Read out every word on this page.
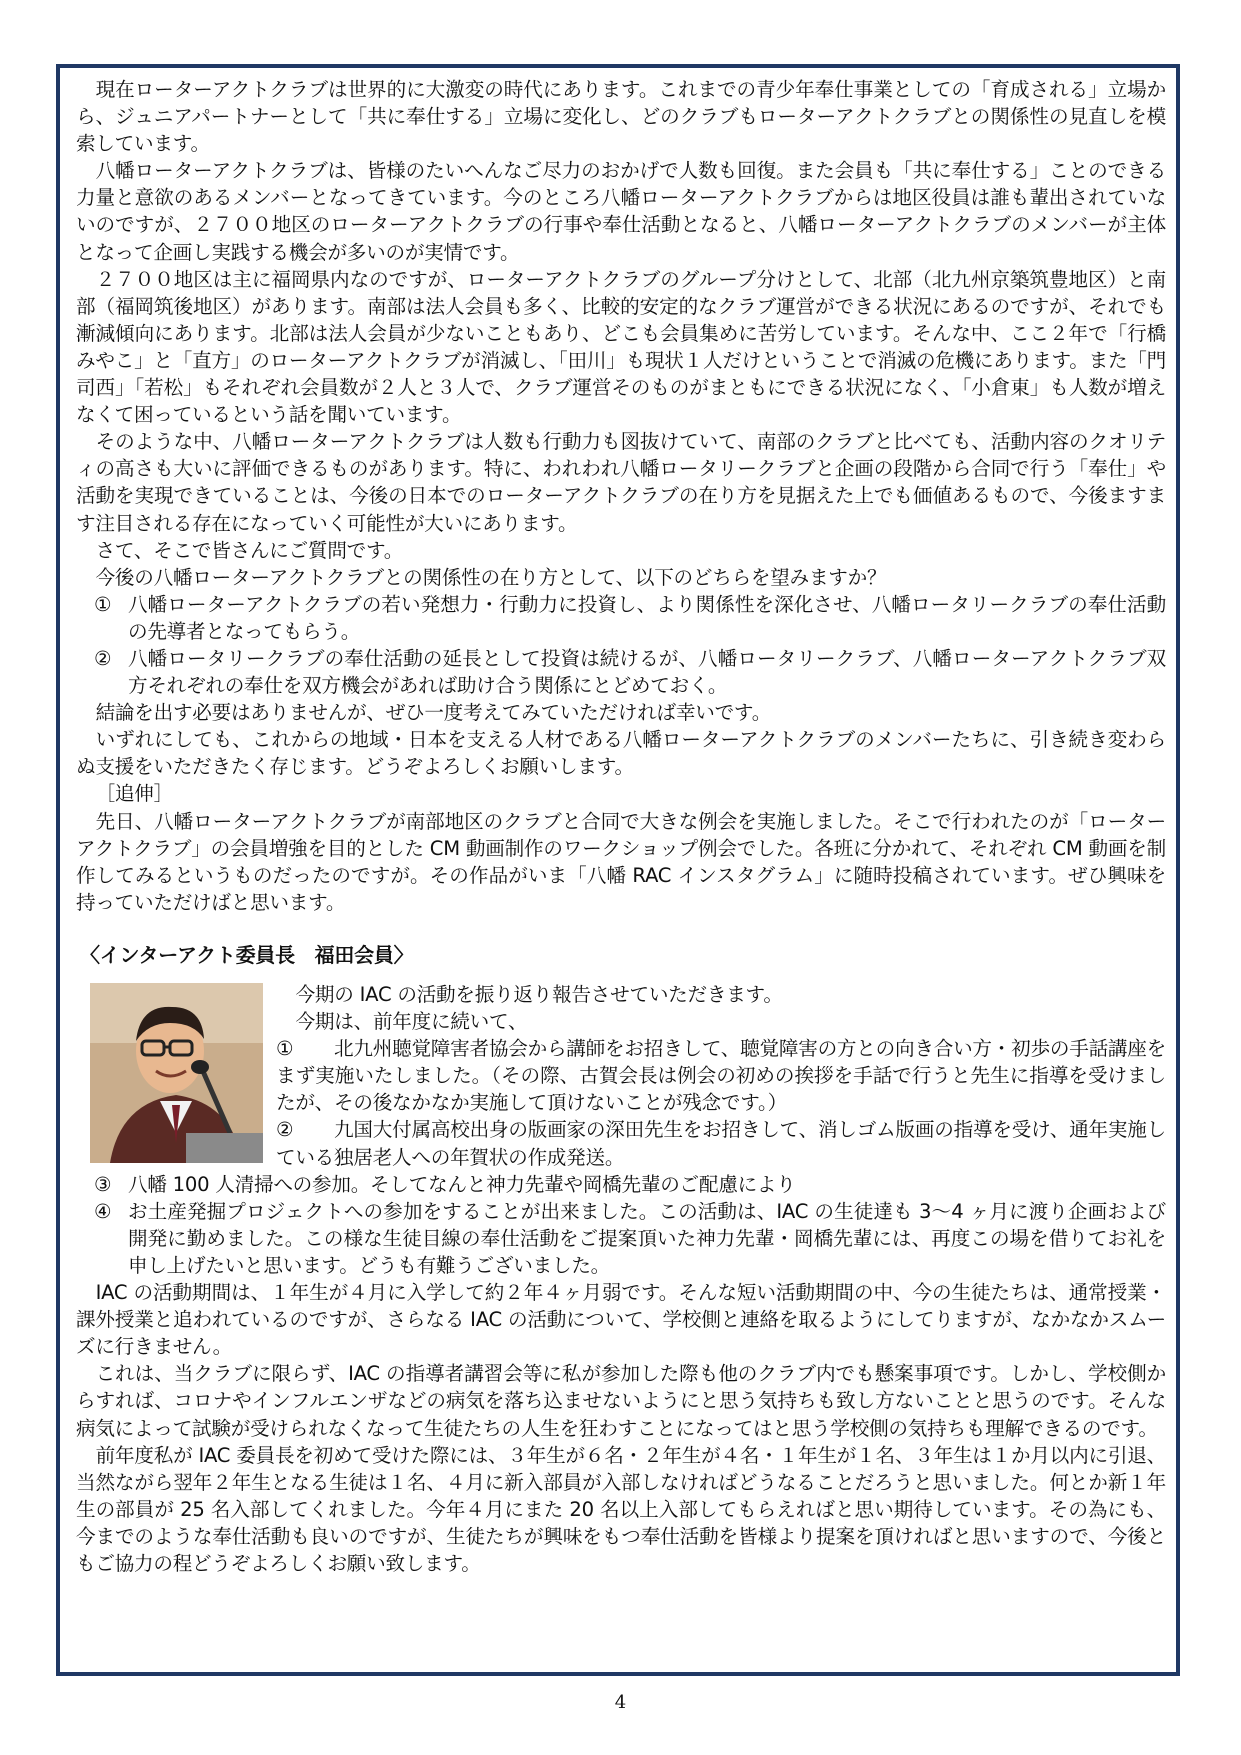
現在ローターアクトクラブは世界的に大激変の時代にあります。これまでの青少年奉仕事業としての「育成される」立場から、ジュニアパートナーとして「共に奉仕する」立場に変化し、どのクラブもローターアクトクラブとの関係性の見直しを模索しています。

八幡ローターアクトクラブは、皆様のたいへんなご尽力のおかげで人数も回復。また会員も「共に奉仕する」ことのできる力量と意欲のあるメンバーとなってきています。今のところ八幡ローターアクトクラブからは地区役員は誰も輩出されていないのですが、２７００地区のローターアクトクラブの行事や奉仕活動となると、八幡ローターアクトクラブのメンバーが主体となって企画し実践する機会が多いのが実情です。

２７００地区は主に福岡県内なのですが、ローターアクトクラブのグループ分けとして、北部（北九州京築筑豊地区）と南部（福岡筑後地区）があります。南部は法人会員も多く、比較的安定的なクラブ運営ができる状況にあるのですが、それでも漸減傾向にあります。北部は法人会員が少ないこともあり、どこも会員集めに苦労しています。そんな中、ここ２年で「行橋みやこ」と「直方」のローターアクトクラブが消滅し、「田川」も現状１人だけということで消滅の危機にあります。また「門司西」「若松」もそれぞれ会員数が２人と３人で、クラブ運営そのものがまともにできる状況になく、「小倉東」も人数が増えなくて困っているという話を聞いています。

そのような中、八幡ローターアクトクラブは人数も行動力も図抜けていて、南部のクラブと比べても、活動内容のクオリティの高さも大いに評価できるものがあります。特に、われわれ八幡ロータリークラブと企画の段階から合同で行う「奉仕」や活動を実現できていることは、今後の日本でのローターアクトクラブの在り方を見据えた上でも価値あるもので、今後ますます注目される存在になっていく可能性が大いにあります。

さて、そこで皆さんにご質問です。

今後の八幡ローターアクトクラブとの関係性の在り方として、以下のどちらを望みますか？

① 八幡ローターアクトクラブの若い発想力・行動力に投資し、より関係性を深化させ、八幡ロータリークラブの奉仕活動の先導者となってもらう。
② 八幡ロータリークラブの奉仕活動の延長として投資は続けるが、八幡ロータリークラブ、八幡ローターアクトクラブ双方それぞれの奉仕を双方機会があれば助け合う関係にとどめておく。

結論を出す必要はありませんが、ぜひ一度考えてみていただければ幸いです。

いずれにしても、これからの地域・日本を支える人材である八幡ローターアクトクラブのメンバーたちに、引き続き変わらぬ支援をいただきたく存じます。どうぞよろしくお願いします。

［追伸］

先日、八幡ローターアクトクラブが南部地区のクラブと合同で大きな例会を実施しました。そこで行われたのが「ローターアクトクラブ」の会員増強を目的とした CM 動画制作のワークショップ例会でした。各班に分かれて、それぞれ CM 動画を制作してみるというものだったのですが。その作品がいま「八幡 RAC インスタグラム」に随時投稿されています。ぜひ興味を持っていただけばと思います。

〈インターアクト委員長　福田会員〉

今期の IAC の活動を振り返り報告させていただきます。

今期は、前年度に続いて、

① 北九州聴覚障害者協会から講師をお招きして、聴覚障害の方との向き合い方・初歩の手話講座をまず実施いたしました。（その際、古賀会長は例会の初めの挨拶を手話で行うと先生に指導を受けましたが、その後なかなか実施して頂けないことが残念です。）

② 九国大付属高校出身の版画家の深田先生をお招きして、消しゴム版画の指導を受け、通年実施している独居老人への年賀状の作成発送。

③ 八幡 100 人清掃への参加。そしてなんと神力先輩や岡橋先輩のご配慮により
④ お土産発掘プロジェクトへの参加をすることが出来ました。この活動は、IAC の生徒達も 3～4 ヶ月に渡り企画および開発に勤めました。この様な生徒目線の奉仕活動をご提案頂いた神力先輩・岡橋先輩には、再度この場を借りてお礼を申し上げたいと思います。どうも有難うございました。

IAC の活動期間は、１年生が４月に入学して約２年４ヶ月弱です。そんな短い活動期間の中、今の生徒たちは、通常授業・課外授業と追われているのですが、さらなる IAC の活動について、学校側と連絡を取るようにしてりますが、なかなかスムーズに行きません。

これは、当クラブに限らず、IAC の指導者講習会等に私が参加した際も他のクラブ内でも懸案事項です。しかし、学校側からすれば、コロナやインフルエンザなどの病気を落ち込ませないようにと思う気持ちも致し方ないことと思うのです。そんな病気によって試験が受けられなくなって生徒たちの人生を狂わすことになってはと思う学校側の気持ちも理解できるのです。

前年度私が IAC 委員長を初めて受けた際には、３年生が６名・２年生が４名・１年生が１名、３年生は１か月以内に引退、当然ながら翌年２年生となる生徒は１名、４月に新入部員が入部しなければどうなることだろうと思いました。何とか新１年生の部員が 25 名入部してくれました。今年４月にまた 20 名以上入部してもらえればと思い期待しています。その為にも、今までのような奉仕活動も良いのですが、生徒たちが興味をもつ奉仕活動を皆様より提案を頂ければと思いますので、今後ともご協力の程どうぞよろしくお願い致します。

4
